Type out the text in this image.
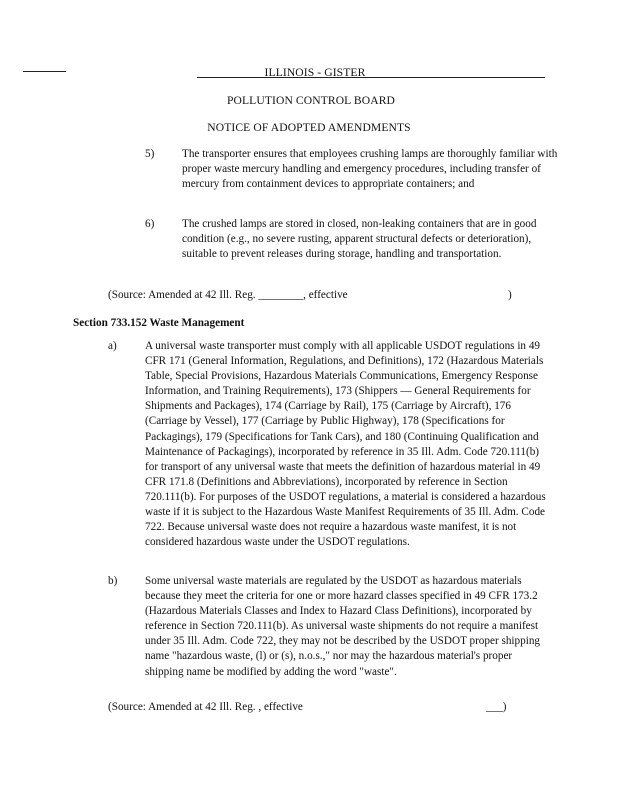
ILLINOIS - GISTER
POLLUTION CONTROL BOARD
NOTICE OF ADOPTED AMENDMENTS
5) The transporter ensures that employees crushing lamps are thoroughly familiar with proper waste mercury handling and emergency procedures, including transfer of mercury from containment devices to appropriate containers; and

6) The crushed lamps are stored in closed, non-leaking containers that are in good condition (e.g., no severe rusting, apparent structural defects or deterioration), suitable to prevent releases during storage, handling and transportation.

(Source: Amended at 42 Ill. Reg. ________, effective	)
Section 733.152 Waste Management
a)	A universal waste transporter must comply with all applicable USDOT regulations in 49 CFR 171 (General Information, Regulations, and Definitions), 172 (Hazardous Materials Table, Special Provisions, Hazardous Materials Communications, Emergency Response Information, and Training Requirements), 173 (Shippers — General Requirements for Shipments and Packages), 174 (Carriage by Rail), 175 (Carriage by Aircraft), 176 (Carriage by Vessel), 177 (Carriage by Public Highway), 178 (Specifications for Packagings), 179 (Specifications for Tank Cars), and 180 (Continuing Qualification and Maintenance of Packagings), incorporated by reference in 35 Ill. Adm. Code 720.111(b) for transport of any universal waste that meets the definition of hazardous material in 49 CFR 171.8 (Definitions and Abbreviations), incorporated by reference in Section 720.111(b). For purposes of the USDOT regulations, a material is considered a hazardous waste if it is subject to the Hazardous Waste Manifest Requirements of 35 Ill. Adm. Code 722. Because universal waste does not require a hazardous waste manifest, it is not considered hazardous waste under the USDOT regulations.

b) Some universal waste materials are regulated by the USDOT as hazardous materials because they meet the criteria for one or more hazard classes specified in 49 CFR 173.2 (Hazardous Materials Classes and Index to Hazard Class Definitions), incorporated by reference in Section 720.111(b). As universal waste shipments do not require a manifest under 35 Ill. Adm. Code 722, they may not be described by the USDOT proper shipping name "hazardous waste, (l) or (s), n.o.s.," nor may the hazardous material's proper shipping name be modified by adding the word "waste".

(Source: Amended at 42 Ill. Reg. , effective	___)
